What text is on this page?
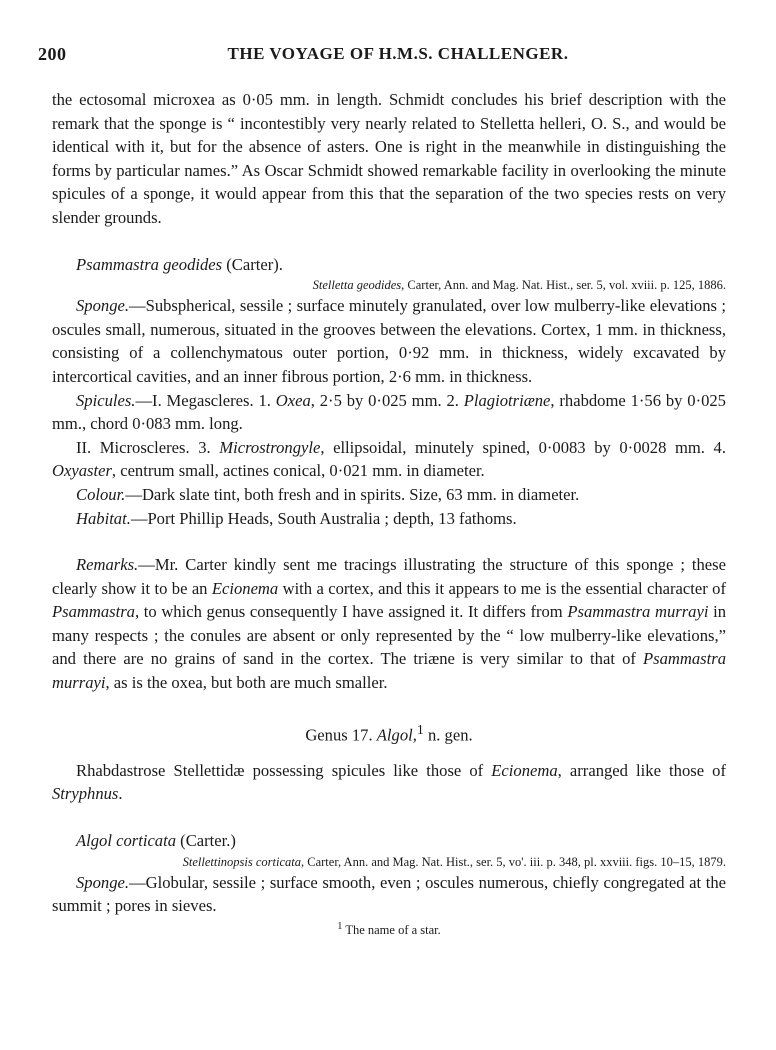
200	THE VOYAGE OF H.M.S. CHALLENGER.

the ectosomal microxea as 0·05 mm. in length. Schmidt concludes his brief description with the remark that the sponge is “ incontestibly very nearly related to Stelletta helleri, O. S., and would be identical with it, but for the absence of asters. One is right in the meanwhile in distinguishing the forms by particular names.” As Oscar Schmidt showed remarkable facility in overlooking the minute spicules of a sponge, it would appear from this that the separation of the two species rests on very slender grounds.

Psammastra geodides (Carter).

Stelletta geodides, Carter, Ann. and Mag. Nat. Hist., ser. 5, vol. xviii. p. 125, 1886.

Sponge.—Subspherical, sessile ; surface minutely granulated, over low mulberry-like elevations ; oscules small, numerous, situated in the grooves between the elevations. Cortex, 1 mm. in thickness, consisting of a collenchymatous outer portion, 0·92 mm. in thickness, widely excavated by intercortical cavities, and an inner fibrous portion, 2·6 mm. in thickness.

Spicules.—I. Megascleres. 1. Oxea, 2·5 by 0·025 mm. 2. Plagiotriæne, rhabdome 1·56 by 0·025 mm., chord 0·083 mm. long.

II. Microscleres. 3. Microstrongyle, ellipsoidal, minutely spined, 0·0083 by 0·0028 mm. 4. Oxyaster, centrum small, actines conical, 0·021 mm. in diameter.

Colour.—Dark slate tint, both fresh and in spirits. Size, 63 mm. in diameter.

Habitat.—Port Phillip Heads, South Australia ; depth, 13 fathoms.

Remarks.—Mr. Carter kindly sent me tracings illustrating the structure of this sponge ; these clearly show it to be an Ecionema with a cortex, and this it appears to me is the essential character of Psammastra, to which genus consequently I have assigned it. It differs from Psammastra murrayi in many respects ; the conules are absent or only represented by the “ low mulberry-like elevations,” and there are no grains of sand in the cortex. The triæne is very similar to that of Psammastra murrayi, as is the oxea, but both are much smaller.

Genus 17. Algol,$^1$ n. gen.

Rhabdastrose Stellettidæ possessing spicules like those of Ecionema, arranged like those of Stryphnus.

Algol corticata (Carter.)

Stellettinopsis corticata, Carter, Ann. and Mag. Nat. Hist., ser. 5, vo'. iii. p. 348, pl. xxviii. figs. 10–15, 1879.

Sponge.—Globular, sessile ; surface smooth, even ; oscules numerous, chiefly congregated at the summit ; pores in sieves.

$^1$ The name of a star.
